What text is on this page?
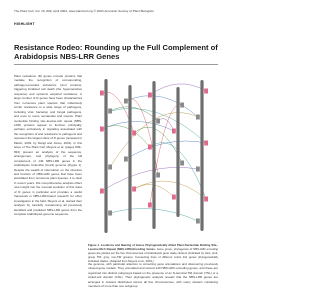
The Plant Cell, Vol. 16, 809, April 2004, www.plantcell.org © 2004 American Society of Plant Biologists
HIGHLIGHT
Resistance Rodeo: Rounding up the Full Complement of Arabidopsis NBS-LRR Genes
Plant resistance (R) genes encode proteins that mediate the recognition of corresponding, pathogen-encoded avirulence (Avr) proteins, triggering localized cell death (the hypersensitive response) and systemic acquired resistance. A large number of R genes have been characterized from numerous plant species that collectively confer resistance to a wide range of pathogens, including viral, bacterial, and fungal pathogens, and even to some nematodes and insects. Plant nucleotide binding site–leucine-rich repeat (NBS-LRR) proteins appear to function principally, perhaps exclusively in signaling associated with the recognition of and resistance to pathogens and represent the largest class of R genes (reviewed in Martin, 2003, by Dangl and Jones, 2001). In this issue of The Plant Cell, Meyers et al. (pages 809–834) present an analysis of the sequence, arrangement, and phylogeny of the full complement of 149 NBS-LRR genes in the Arabidopsis Columbia (Col-0) genome (Figure 1). Despite the wealth of information on the structure and function of NBS-LRR genes that have been elucidated from numerous plant species, it is clear in recent years, this comprehensive analysis offers new insight into the unusual evolution of this class of R genes in particular and provides a useful framework in NBS-LRR-based research for other investigators in the field. Meyers et al. started their analysis by carefully reexamining all previously identified and predicted NBS-LRR genes from the complete Arabidopsis genome sequence.
Figure 1. Locations and Naming of Genes Phylogenetically Allied Plant Nucleotide Binding Site–Leucine-Rich Repeat (NBS-LRR)-Encoding Genes. Gene group, phylogenies of NBS-LRR encoding genes are plotted per the five chromosomes of Arabidopsis gene clade clusters (indicated by bars; pink, group TIR; gray, non-TIR groups). Connecting lines of different colors link genes phylogenetically indicated clades. (Adapted from Meyers et al., 2003.)
the genome, with particular attention to correcting gene annotations and discovering previously missed gene models. They annotated and named 149 NBS-LRR–encoding genes, and these are organized into distinct subgroups based on the presence of an N-terminal TIR domain (TNL) or a coiled-coil domain (CNL). Their phylogenetic analysis reveals that the NBS-LRR genes are arranged in clusters distributed across all five chromosomes, with many clusters containing members of more than one subgroup.
